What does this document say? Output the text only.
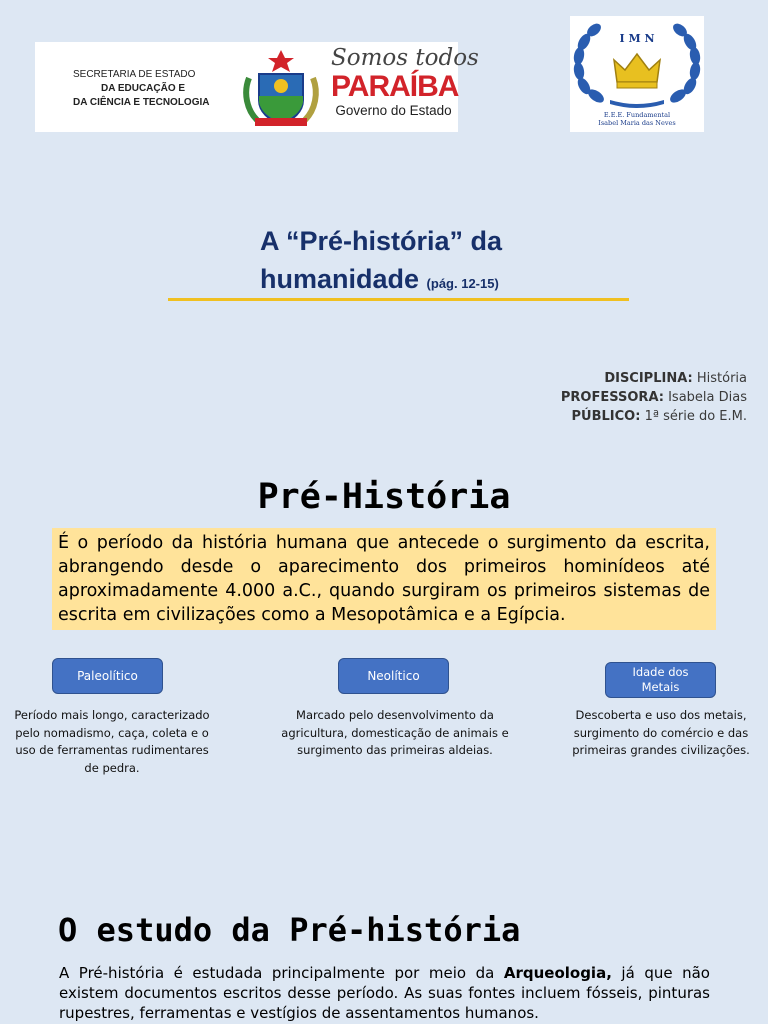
SECRETARIA DE ESTADO
DA EDUCAÇÃO E
DA CIÊNCIA E TECNOLOGIA
Somos todos
PARAÍBA
Governo do Estado
I M N
E.E.E. Fundamental
Isabel Maria das Neves
A “Pré-história” da
humanidade (pág. 12-15)
DISCIPLINA: História
PROFESSORA: Isabela Dias
PÚBLICO: 1ª série do E.M.
Pré-História
É o período da história humana que antecede o surgimento da escrita, abrangendo desde o aparecimento dos primeiros hominídeos até aproximadamente 4.000 a.C., quando surgiram os primeiros sistemas de escrita em civilizações como a Mesopotâmica e a Egípcia.
Paleolítico	Neolítico	Idade dos Metais
Período mais longo, caracterizado pelo nomadismo, caça, coleta e o uso de ferramentas rudimentares de pedra.
Marcado pelo desenvolvimento da agricultura, domesticação de animais e surgimento das primeiras aldeias.
Descoberta e uso dos metais, surgimento do comércio e das primeiras grandes civilizações.
O estudo da Pré-história
A Pré-história é estudada principalmente por meio da Arqueologia, já que não existem documentos escritos desse período. As suas fontes incluem fósseis, pinturas rupestres, ferramentas e vestígios de assentamentos humanos.
